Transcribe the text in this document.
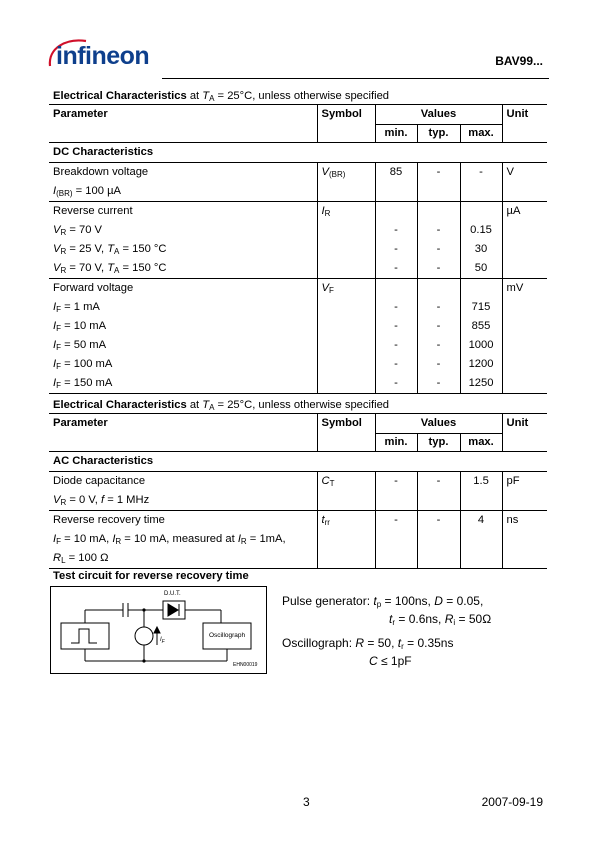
infineon	BAV99...
Electrical Characteristics at $T_A = 25^\circ C$, unless otherwise specified
Parameter	Symbol	Values			Unit
		min.	typ.	max.	
DC Characteristics					
Breakdown voltage	$V_{(BR)}$	85	-	-	V
$I_{(BR)} = 100$ µA					
Reverse current	$I_R$				µA
$V_R = 70$ V		-	-	0.15	
$V_R = 25$ V, $T_A = 150$ °C		-	-	30	
$V_R = 70$ V, $T_A = 150$ °C		-	-	50	
Forward voltage	$V_F$				mV
$I_F = 1$ mA		-	-	715	
$I_F = 10$ mA		-	-	855	
$I_F = 50$ mA		-	-	1000	
$I_F = 100$ mA		-	-	1200	
$I_F = 150$ mA		-	-	1250	
Electrical Characteristics at $T_A = 25^\circ C$, unless otherwise specified
Parameter	Symbol	Values			Unit
		min.	typ.	max.	
AC Characteristics					
Diode capacitance	$C_T$	-	-	1.5	pF
$V_R = 0$ V, f = 1 MHz					
Reverse recovery time	$t_{rr}$	-	-	4	ns
$I_F = 10$ mA, $I_R = 10$ mA, measured at $I_R = 1mA$,					
$R_L = 100$ Ω					
Test circuit for reverse recovery time
D.U.T.
Oscillograph
$I_F$
EHN00019
Pulse generator: $t_p = 100ns$, D = 0.05,
$t_r = 0.6ns$, $R_i = 50\Omega$
Oscillograph: R = 50, $t_r = 0.35ns$
C ≤ 1pF
3	2007-09-19
